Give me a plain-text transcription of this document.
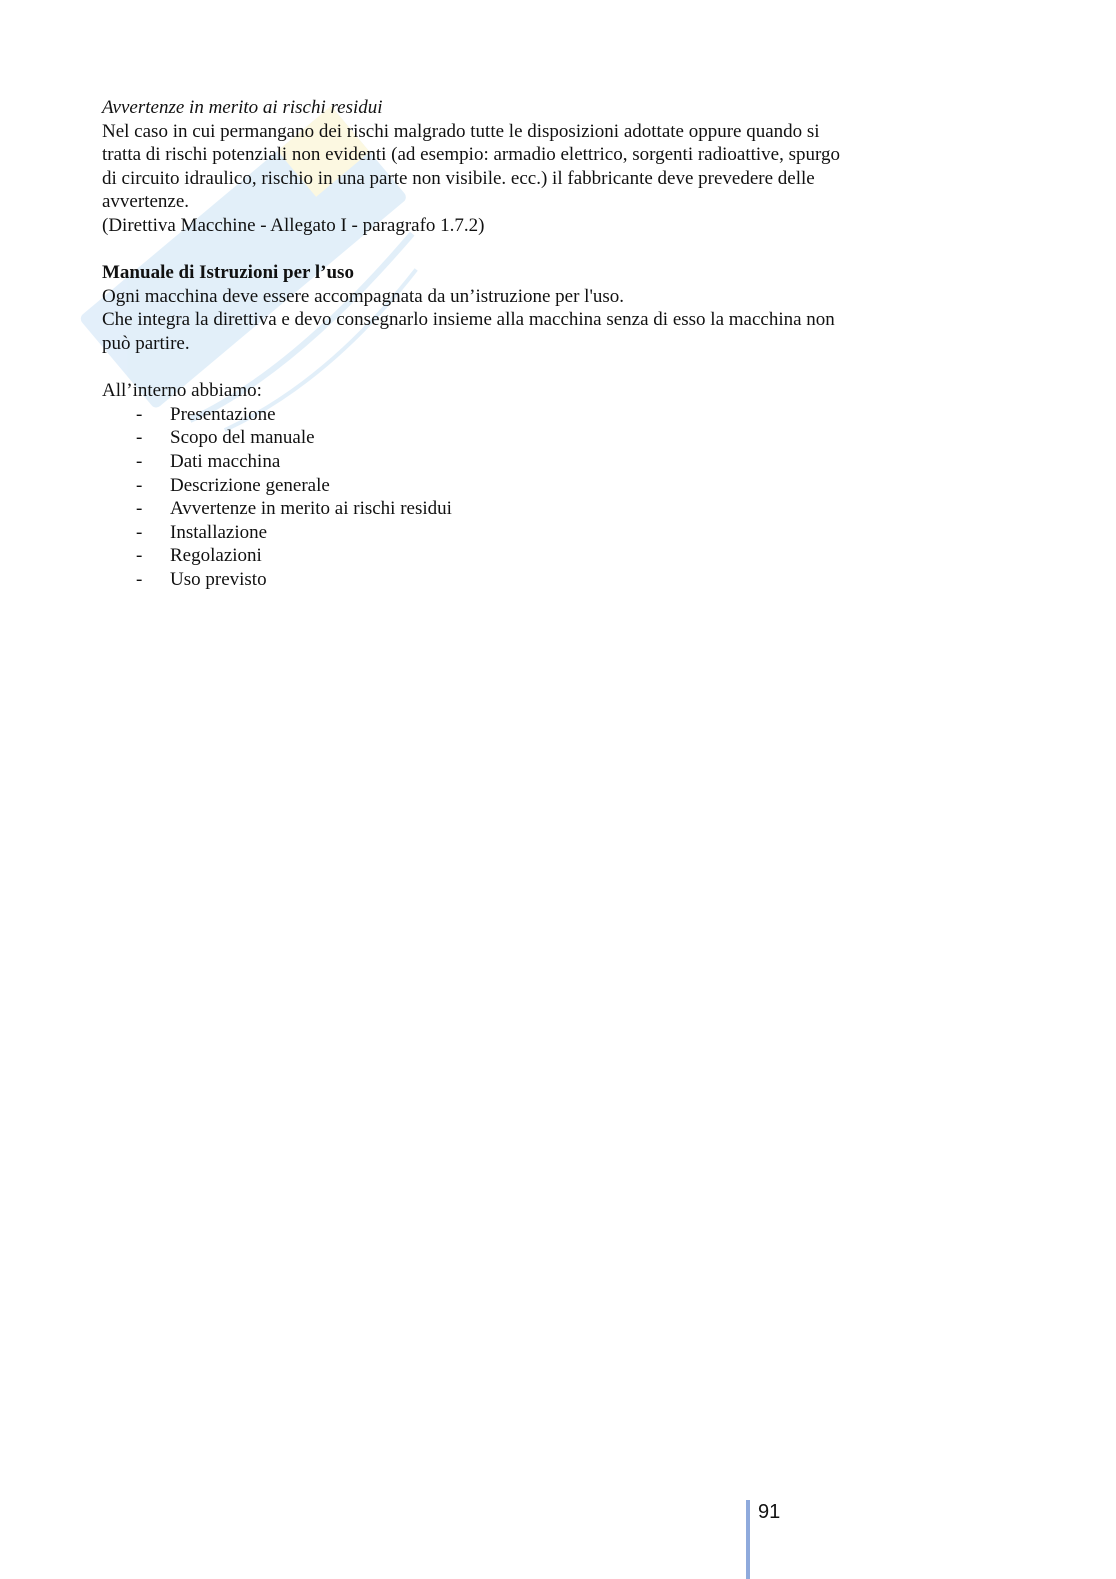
Avvertenze in merito ai rischi residui

Nel caso in cui permangano dei rischi malgrado tutte le disposizioni adottate oppure quando si

tratta di rischi potenziali non evidenti (ad esempio: armadio elettrico, sorgenti radioattive, spurgo

di circuito idraulico, rischio in una parte non visibile. ecc.) il fabbricante deve prevedere delle

avvertenze.

(Direttiva Macchine - Allegato I - paragrafo 1.7.2)

Manuale di Istruzioni per l’uso

Ogni macchina deve essere accompagnata da un’istruzione per l'uso.

Che integra la direttiva e devo consegnarlo insieme alla macchina senza di esso la macchina non

può partire.

All’interno abbiamo:

- Presentazione
- Scopo del manuale
- Dati macchina
- Descrizione generale
- Avvertenze in merito ai rischi residui
- Installazione
- Regolazioni
- Uso previsto
91
